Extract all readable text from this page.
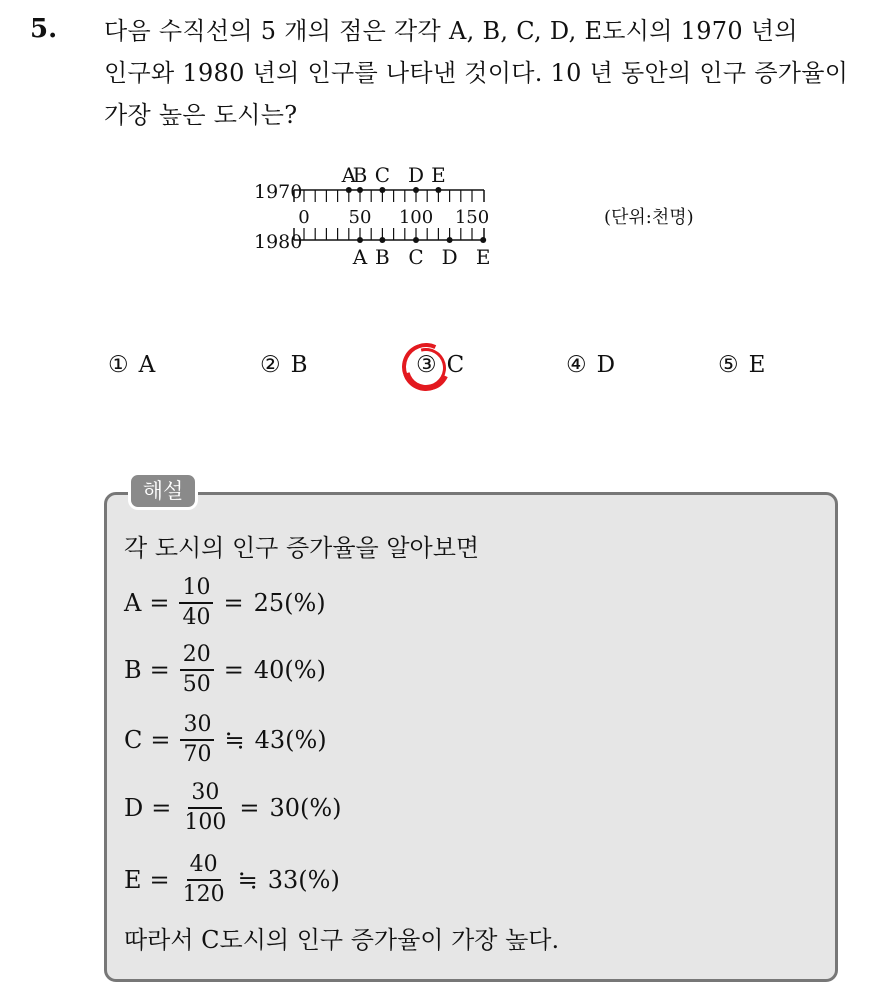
5. 다음 수직선의 5 개의 점은 각각 A, B, C, D, E도시의 1970 년의
인구와 1980 년의 인구를 나타낸 것이다. 10 년 동안의 인구 증가율이
가장 높은 도시는?
1970
1980
0 50 100 150	(단위:천명)
A
B C D E
A B C D E
① A	② B	③ C	④ D	⑤ E
해설
각 도시의 인구 증가율을 알아보면
$A = \frac{10}{40} = 25(\%)$
$B = \frac{20}{50} = 40(\%)$
$C = \frac{30}{70}$ ≒ 43(%)
$D = \frac{30}{100} = 30(\%)$
$E = \frac{40}{120}$ ≒ 33(%)
따라서 C도시의 인구 증가율이 가장 높다.
